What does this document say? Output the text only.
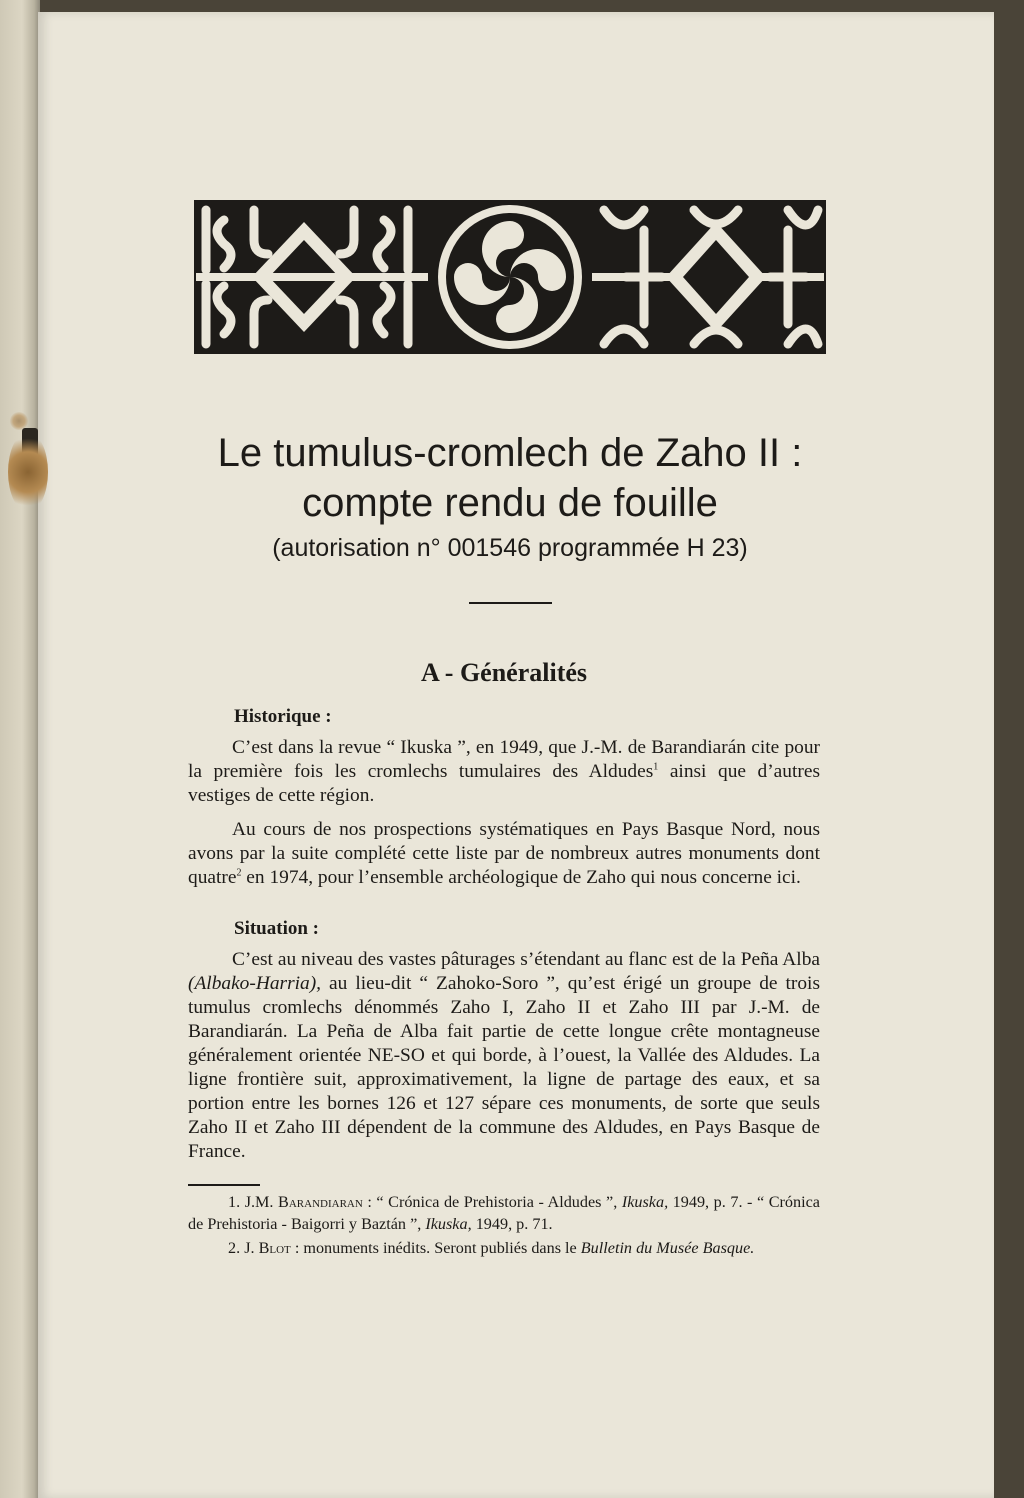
Le tumulus-cromlech de Zaho II :

compte rendu de fouille

(autorisation n° 001546 programmée H 23)

A - Généralités

Historique :

C’est dans la revue “ Ikuska ”, en 1949, que J.-M. de Barandiarán cite pour la première fois les cromlechs tumulaires des Aldudes$^1$ ainsi que d’autres vestiges de cette région.

Au cours de nos prospections systématiques en Pays Basque Nord, nous avons par la suite complété cette liste par de nombreux autres monuments dont quatre$^2$ en 1974, pour l’ensemble archéologique de Zaho qui nous concerne ici.

Situation :

C’est au niveau des vastes pâturages s’étendant au flanc est de la Peña Alba (Albako-Harria), au lieu-dit “ Zahoko-Soro ”, qu’est érigé un groupe de trois tumulus cromlechs dénommés Zaho I, Zaho II et Zaho III par J.-M. de Barandiarán. La Peña de Alba fait partie de cette longue crête montagneuse généralement orientée NE-SO et qui borde, à l’ouest, la Vallée des Aldudes. La ligne frontière suit, approximativement, la ligne de partage des eaux, et sa portion entre les bornes 126 et 127 sépare ces monuments, de sorte que seuls Zaho II et Zaho III dépendent de la commune des Aldudes, en Pays Basque de France.

1. J.M. Barandiaran : “ Crónica de Prehistoria - Aldudes ”, Ikuska, 1949, p. 7. - “ Crónica de Prehistoria - Baigorri y Baztán ”, Ikuska, 1949, p. 71.

2. J. Blot : monuments inédits. Seront publiés dans le Bulletin du Musée Basque.
